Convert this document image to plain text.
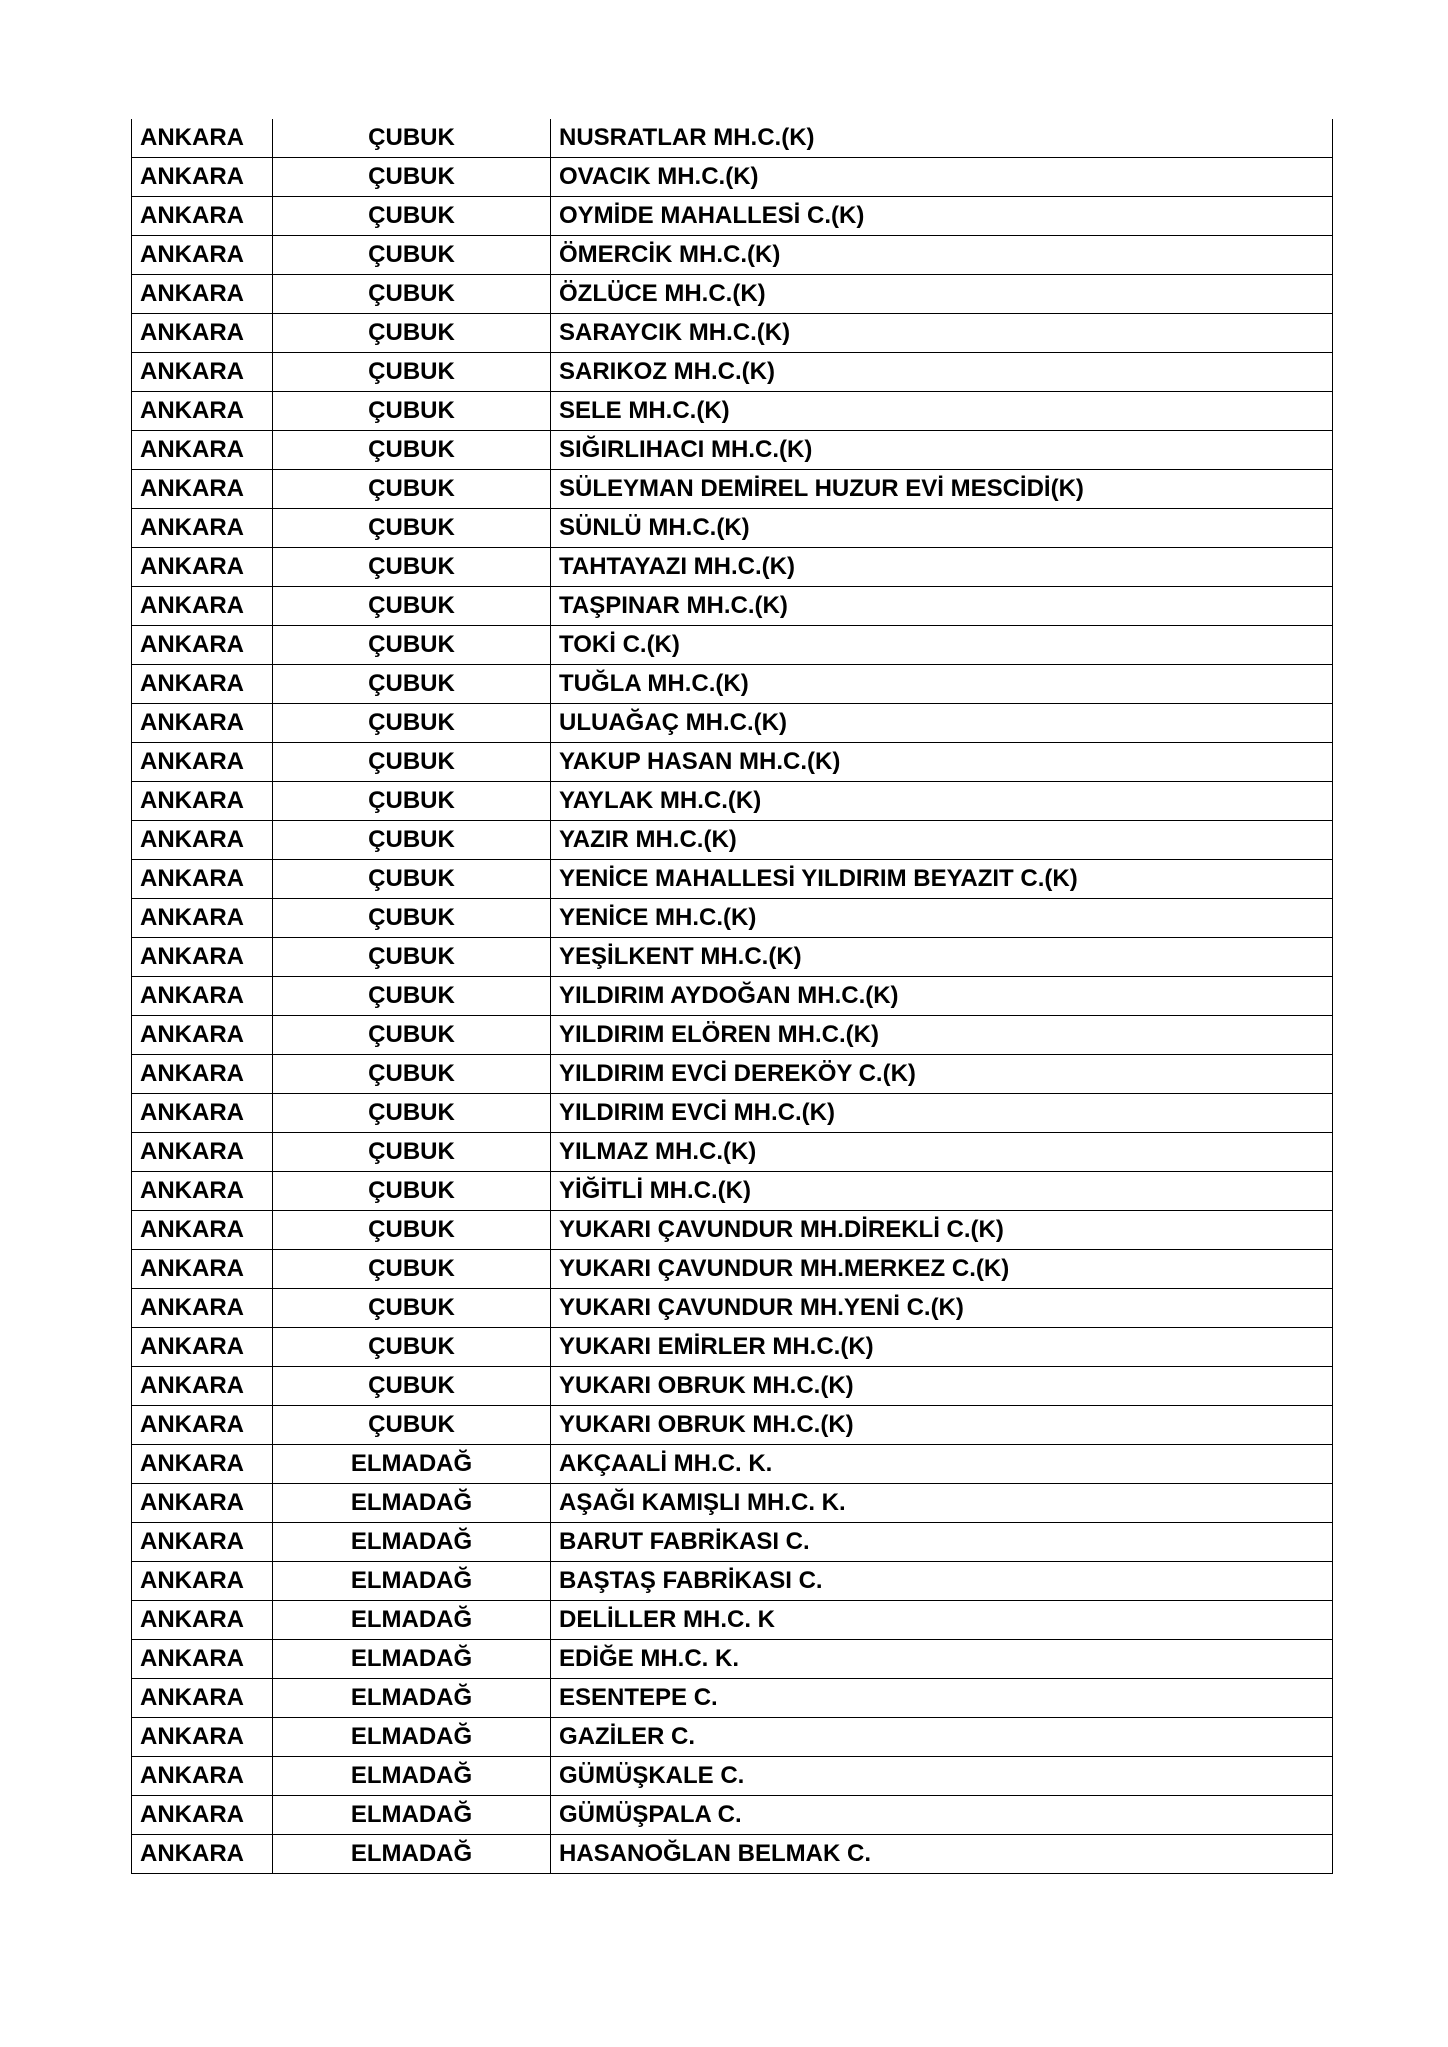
ANKARA	ÇUBUK	NUSRATLAR MH.C.(K)
ANKARA	ÇUBUK	OVACIK MH.C.(K)
ANKARA	ÇUBUK	OYMİDE MAHALLESİ C.(K)
ANKARA	ÇUBUK	ÖMERCİK MH.C.(K)
ANKARA	ÇUBUK	ÖZLÜCE MH.C.(K)
ANKARA	ÇUBUK	SARAYCIK MH.C.(K)
ANKARA	ÇUBUK	SARIKOZ MH.C.(K)
ANKARA	ÇUBUK	SELE MH.C.(K)
ANKARA	ÇUBUK	SIĞIRLIHACI MH.C.(K)
ANKARA	ÇUBUK	SÜLEYMAN DEMİREL HUZUR EVİ MESCİDİ(K)
ANKARA	ÇUBUK	SÜNLÜ MH.C.(K)
ANKARA	ÇUBUK	TAHTAYAZI MH.C.(K)
ANKARA	ÇUBUK	TAŞPINAR MH.C.(K)
ANKARA	ÇUBUK	TOKİ C.(K)
ANKARA	ÇUBUK	TUĞLA MH.C.(K)
ANKARA	ÇUBUK	ULUAĞAÇ MH.C.(K)
ANKARA	ÇUBUK	YAKUP HASAN MH.C.(K)
ANKARA	ÇUBUK	YAYLAK MH.C.(K)
ANKARA	ÇUBUK	YAZIR MH.C.(K)
ANKARA	ÇUBUK	YENİCE MAHALLESİ YILDIRIM BEYAZIT C.(K)
ANKARA	ÇUBUK	YENİCE MH.C.(K)
ANKARA	ÇUBUK	YEŞİLKENT MH.C.(K)
ANKARA	ÇUBUK	YILDIRIM AYDOĞAN MH.C.(K)
ANKARA	ÇUBUK	YILDIRIM ELÖREN MH.C.(K)
ANKARA	ÇUBUK	YILDIRIM EVCİ DEREKÖY C.(K)
ANKARA	ÇUBUK	YILDIRIM EVCİ MH.C.(K)
ANKARA	ÇUBUK	YILMAZ MH.C.(K)
ANKARA	ÇUBUK	YİĞİTLİ MH.C.(K)
ANKARA	ÇUBUK	YUKARI ÇAVUNDUR MH.DİREKLİ C.(K)
ANKARA	ÇUBUK	YUKARI ÇAVUNDUR MH.MERKEZ C.(K)
ANKARA	ÇUBUK	YUKARI ÇAVUNDUR MH.YENİ C.(K)
ANKARA	ÇUBUK	YUKARI EMİRLER MH.C.(K)
ANKARA	ÇUBUK	YUKARI OBRUK MH.C.(K)
ANKARA	ÇUBUK	YUKARI OBRUK MH.C.(K)
ANKARA	ELMADAĞ	AKÇAALİ MH.C. K.
ANKARA	ELMADAĞ	AŞAĞI KAMIŞLI MH.C. K.
ANKARA	ELMADAĞ	BARUT FABRİKASI C.
ANKARA	ELMADAĞ	BAŞTAŞ FABRİKASI C.
ANKARA	ELMADAĞ	DELİLLER MH.C. K
ANKARA	ELMADAĞ	EDİĞE MH.C. K.
ANKARA	ELMADAĞ	ESENTEPE C.
ANKARA	ELMADAĞ	GAZİLER C.
ANKARA	ELMADAĞ	GÜMÜŞKALE C.
ANKARA	ELMADAĞ	GÜMÜŞPALA C.
ANKARA	ELMADAĞ	HASANOĞLAN BELMAK C.
